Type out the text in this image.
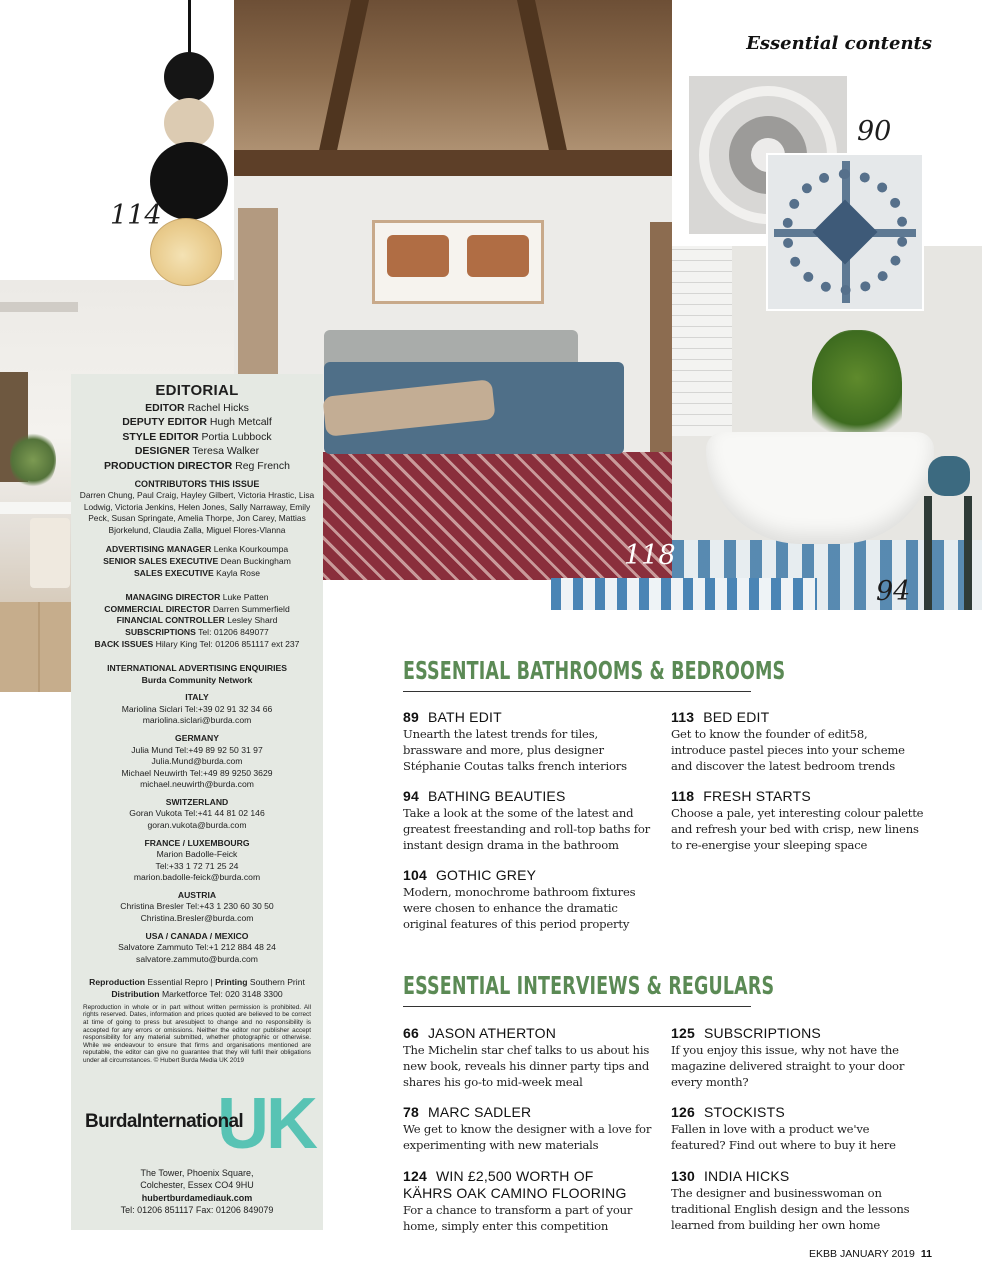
114
90
118
94
Essential contents
EDITORIAL
EDITOR Rachel Hicks
DEPUTY EDITOR Hugh Metcalf
STYLE EDITOR Portia Lubbock
DESIGNER Teresa Walker
PRODUCTION DIRECTOR Reg French
CONTRIBUTORS THIS ISSUE
Darren Chung, Paul Craig, Hayley Gilbert, Victoria Hrastic, Lisa Lodwig, Victoria Jenkins, Helen Jones, Sally Narraway, Emily Peck, Susan Springate, Amelia Thorpe, Jon Carey, Mattias Bjorkelund, Claudia Zalla, Miguel Flores-Vlanna
ADVERTISING MANAGER Lenka Kourkoumpa
SENIOR SALES EXECUTIVE Dean Buckingham
SALES EXECUTIVE Kayla Rose
MANAGING DIRECTOR Luke Patten
COMMERCIAL DIRECTOR Darren Summerfield
FINANCIAL CONTROLLER Lesley Shard
SUBSCRIPTIONS Tel: 01206 849077
BACK ISSUES Hilary King Tel: 01206 851117 ext 237
INTERNATIONAL ADVERTISING ENQUIRIES
Burda Community Network
ITALY
Mariolina Siclari Tel:+39 02 91 32 34 66
mariolina.siclari@burda.com
GERMANY
Julia Mund Tel:+49 89 92 50 31 97
Julia.Mund@burda.com
Michael Neuwirth Tel:+49 89 9250 3629
michael.neuwirth@burda.com
SWITZERLAND
Goran Vukota Tel:+41 44 81 02 146
goran.vukota@burda.com
FRANCE / LUXEMBOURG
Marion Badolle-Feick
Tel:+33 1 72 71 25 24
marion.badolle-feick@burda.com
AUSTRIA
Christina Bresler Tel:+43 1 230 60 30 50
Christina.Bresler@burda.com
USA / CANADA / MEXICO
Salvatore Zammuto Tel:+1 212 884 48 24
salvatore.zammuto@burda.com
Reproduction Essential Repro | Printing Southern Print
Distribution Marketforce Tel: 020 3148 3300
Reproduction in whole or in part without written permission is prohibited. All rights reserved. Dates, information and prices quoted are believed to be correct at time of going to press but aresubject to change and no responsibility is accepted for any errors or omissions. Neither the editor nor publisher accept responsibility for any material submitted, whether photographic or otherwise. While we endeavour to ensure that firms and organisations mentioned are reputable, the editor can give no guarantee that they will fulfil their obligations under all circumstances. © Hubert Burda Media UK 2019
UK
BurdaInternational
The Tower, Phoenix Square,
Colchester, Essex CO4 9HU
hubertburdamediauk.com
Tel: 01206 851117 Fax: 01206 849079
ESSENTIAL BATHROOMS & BEDROOMS
89 BATH EDIT
Unearth the latest trends for tiles,
brassware and more, plus designer
Stéphanie Coutas talks french interiors
113 BED EDIT
Get to know the founder of edit58,
introduce pastel pieces into your scheme
and discover the latest bedroom trends
94 BATHING BEAUTIES
Take a look at the some of the latest and
greatest freestanding and roll-top baths for
instant design drama in the bathroom
118 FRESH STARTS
Choose a pale, yet interesting colour palette
and refresh your bed with crisp, new linens
to re-energise your sleeping space
104 GOTHIC GREY
Modern, monochrome bathroom fixtures
were chosen to enhance the dramatic
original features of this period property
ESSENTIAL INTERVIEWS & REGULARS
66 JASON ATHERTON
The Michelin star chef talks to us about his
new book, reveals his dinner party tips and
shares his go-to mid-week meal
125 SUBSCRIPTIONS
If you enjoy this issue, why not have the
magazine delivered straight to your door
every month?
78 MARC SADLER
We get to know the designer with a love for
experimenting with new materials
126 STOCKISTS
Fallen in love with a product we've
featured? Find out where to buy it here
124 WIN £2,500 WORTH OF
KÄHRS OAK CAMINO FLOORING
For a chance to transform a part of your
home, simply enter this competition
130 INDIA HICKS
The designer and businesswoman on
traditional English design and the lessons
learned from building her own home
EKBB JANUARY 2019 11
